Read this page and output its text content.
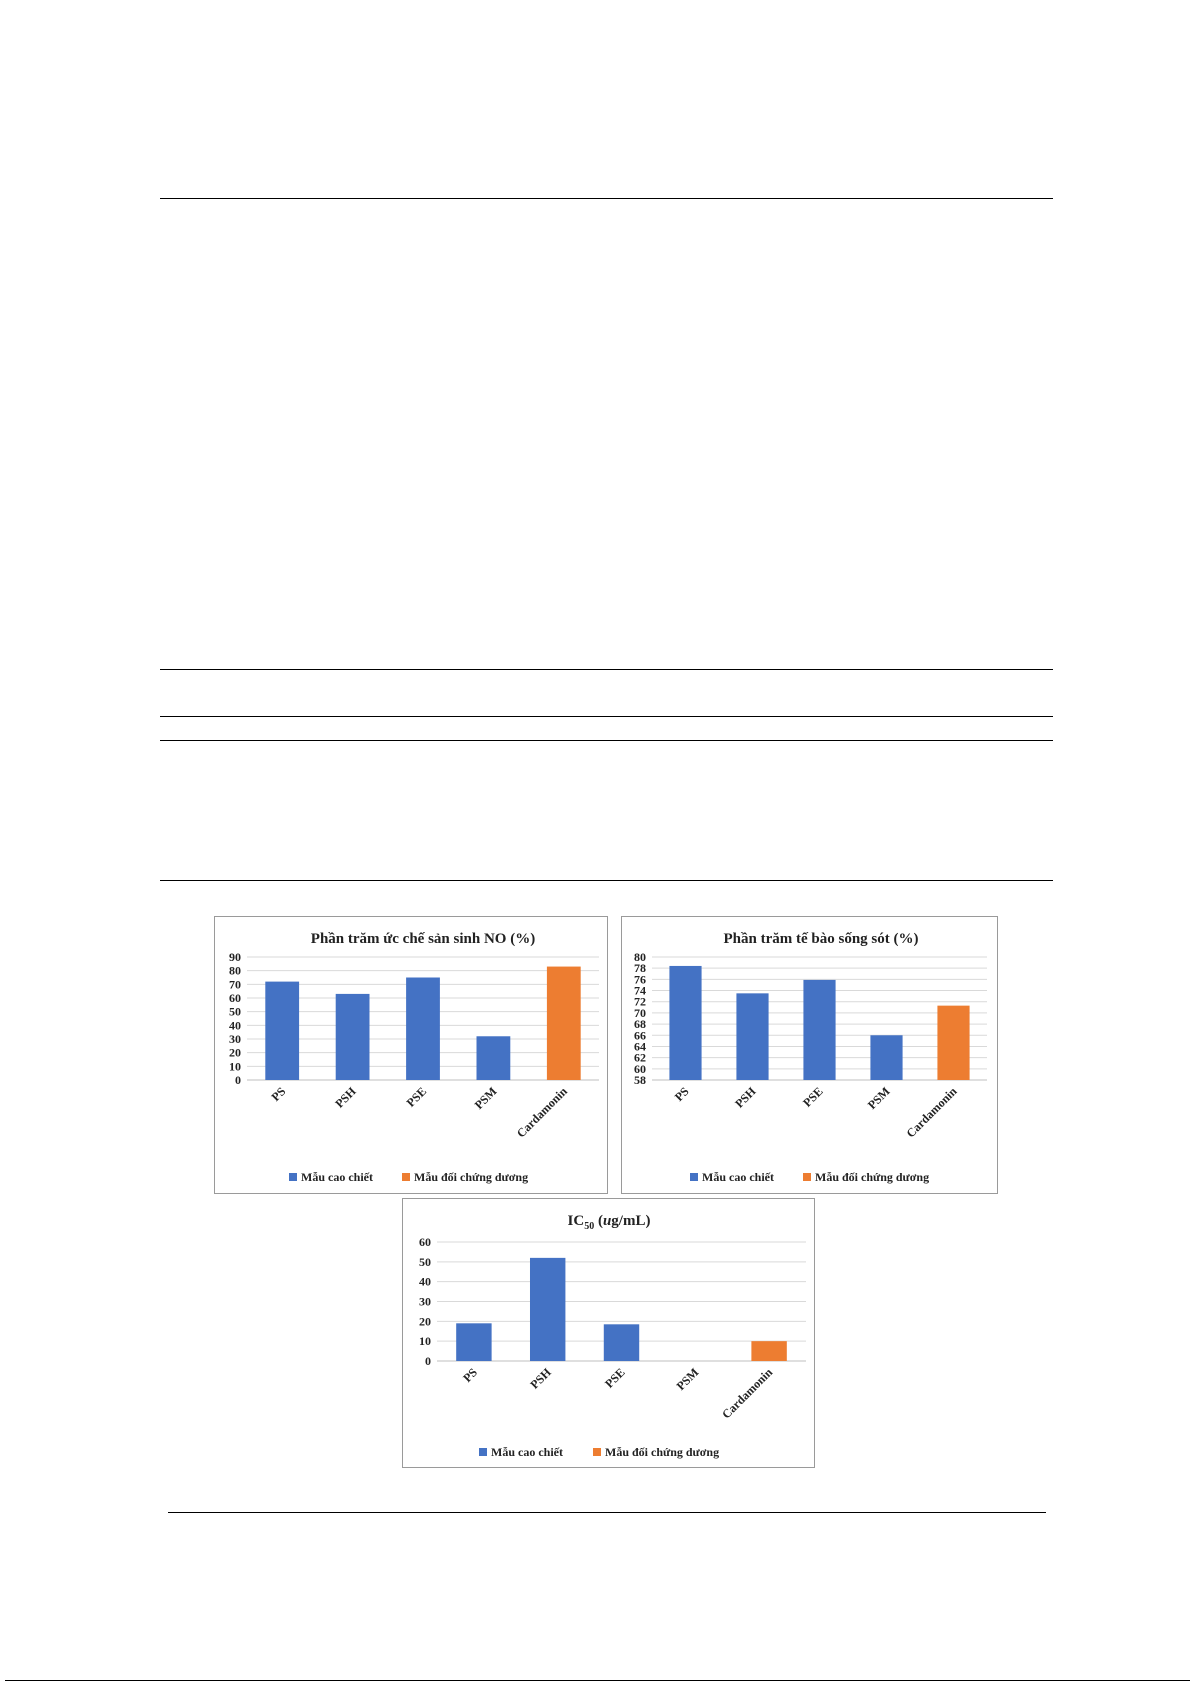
Phần trăm ức chế sản sinh NO (%)
0
10
20
30
40
50
60
70
80
90
PS	PSH	PSE	PSM Cardamonin
Mẫu cao chiết	Mẫu đối chứng dương
Phần trăm tế bào sống sót (%)
58
60
62
64
66
68
70
72
74
76
78
80
PS	PSH	PSE	PSM Cardamonin
Mẫu cao chiết	Mẫu đối chứng dương
$IC_{50}$ (ug/mL)
0
10
20
30
40
50
60
PS	PSH	PSE	PSM Cardamonin
Mẫu cao chiết	Mẫu đối chứng dương
